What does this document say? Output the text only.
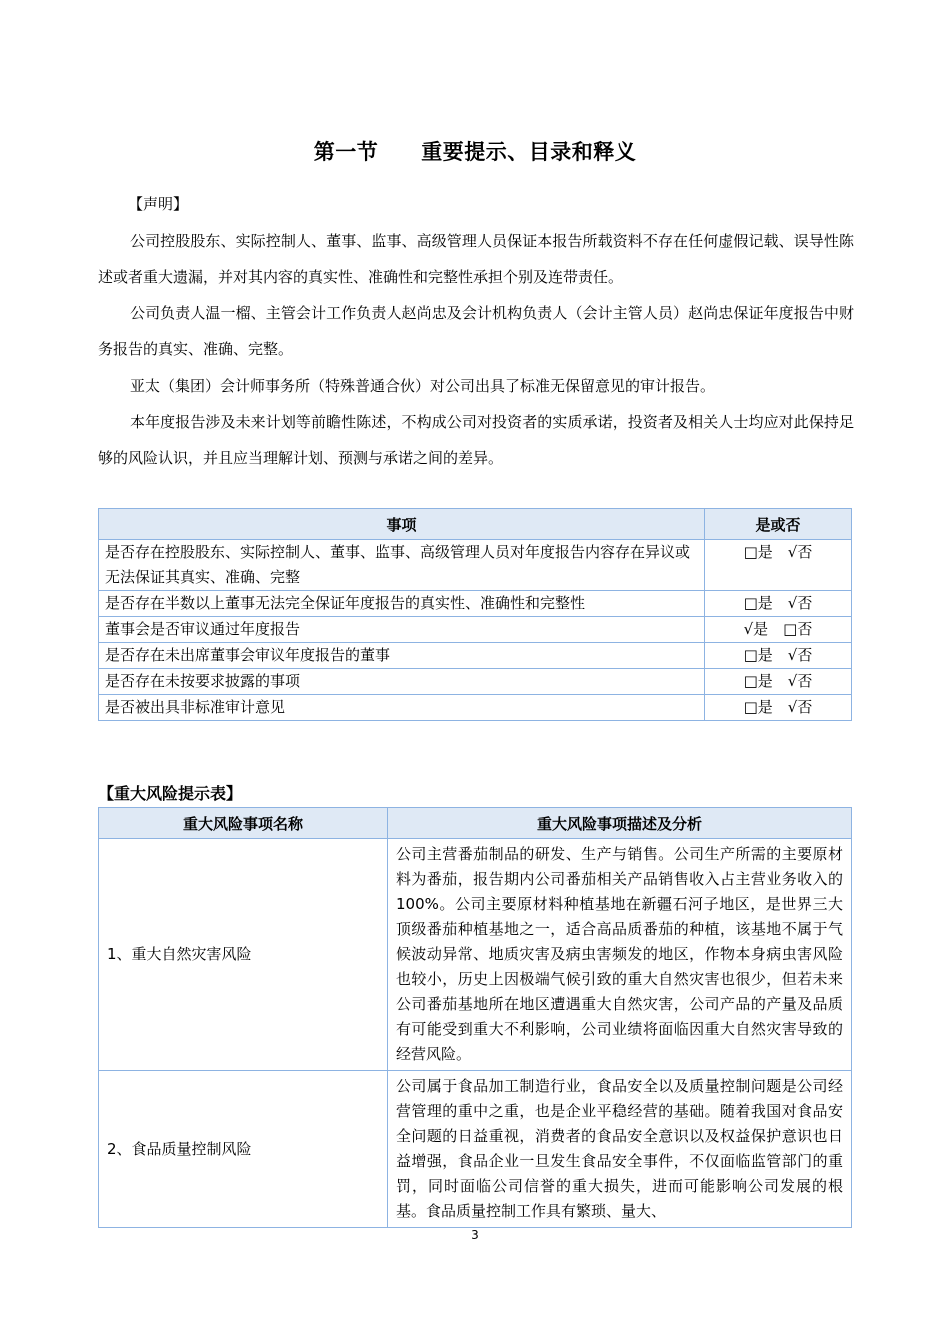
第一节　　重要提示、目录和释义
【声明】
公司控股股东、实际控制人、董事、监事、高级管理人员保证本报告所载资料不存在任何虚假记载、误导性陈述或者重大遗漏，并对其内容的真实性、准确性和完整性承担个别及连带责任。
公司负责人温一榴、主管会计工作负责人赵尚忠及会计机构负责人（会计主管人员）赵尚忠保证年度报告中财务报告的真实、准确、完整。
亚太（集团）会计师事务所（特殊普通合伙）对公司出具了标准无保留意见的审计报告。
本年度报告涉及未来计划等前瞻性陈述，不构成公司对投资者的实质承诺，投资者及相关人士均应对此保持足够的风险认识，并且应当理解计划、预测与承诺之间的差异。
事项	是或否
是否存在控股股东、实际控制人、董事、监事、高级管理人员对年度报告内容存在异议或无法保证其真实、准确、完整	□是　√否
是否存在半数以上董事无法完全保证年度报告的真实性、准确性和完整性	□是　√否
董事会是否审议通过年度报告	√是　□否
是否存在未出席董事会审议年度报告的董事	□是　√否
是否存在未按要求披露的事项	□是　√否
是否被出具非标准审计意见	□是　√否
【重大风险提示表】
重大风险事项名称	重大风险事项描述及分析
1、重大自然灾害风险	公司主营番茄制品的研发、生产与销售。公司生产所需的主要原材料为番茄，报告期内公司番茄相关产品销售收入占主营业务收入的100%。公司主要原材料种植基地在新疆石河子地区，是世界三大顶级番茄种植基地之一，适合高品质番茄的种植，该基地不属于气候波动异常、地质灾害及病虫害频发的地区，作物本身病虫害风险也较小，历史上因极端气候引致的重大自然灾害也很少，但若未来公司番茄基地所在地区遭遇重大自然灾害，公司产品的产量及品质有可能受到重大不利影响，公司业绩将面临因重大自然灾害导致的经营风险。
2、食品质量控制风险	公司属于食品加工制造行业，食品安全以及质量控制问题是公司经营管理的重中之重，也是企业平稳经营的基础。随着我国对食品安全问题的日益重视，消费者的食品安全意识以及权益保护意识也日益增强，食品企业一旦发生食品安全事件，不仅面临监管部门的重罚，同时面临公司信誉的重大损失，进而可能影响公司发展的根基。食品质量控制工作具有繁琐、量大、
3
